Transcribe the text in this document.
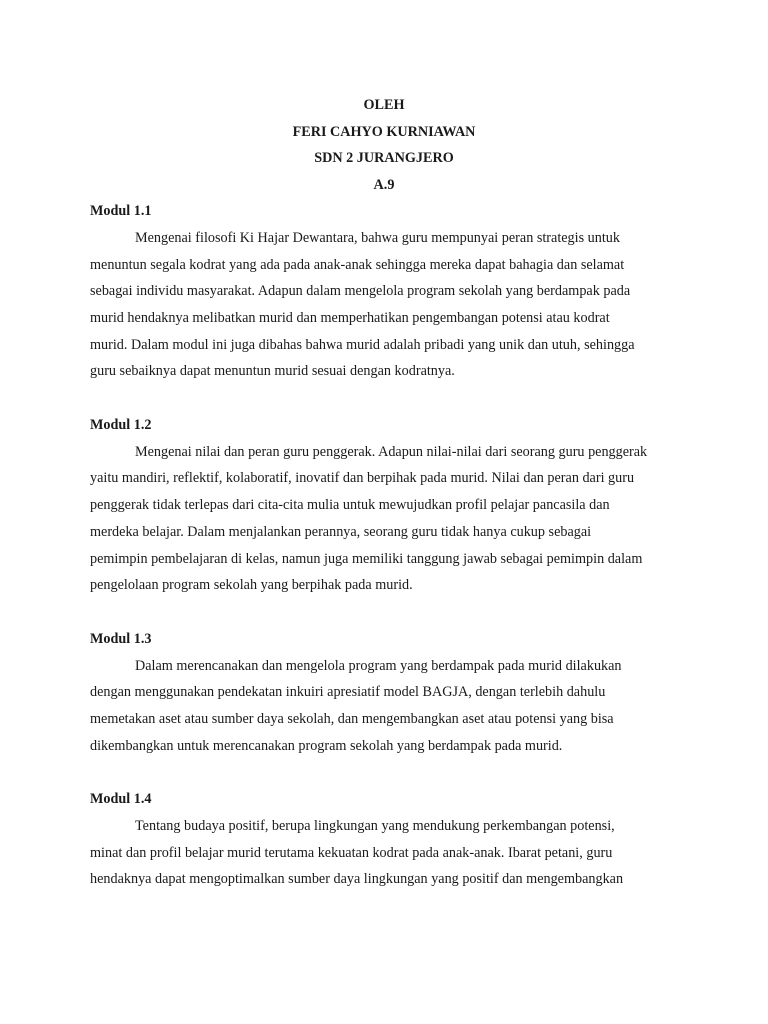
OLEH
FERI CAHYO KURNIAWAN
SDN 2 JURANGJERO
A.9

Modul 1.1

Mengenai filosofi Ki Hajar Dewantara, bahwa guru mempunyai peran strategis untuk
menuntun segala kodrat yang ada pada anak-anak sehingga mereka dapat bahagia dan selamat
sebagai individu masyarakat. Adapun dalam mengelola program sekolah yang berdampak pada
murid hendaknya melibatkan murid dan memperhatikan pengembangan potensi atau kodrat
murid. Dalam modul ini juga dibahas bahwa murid adalah pribadi yang unik dan utuh, sehingga
guru sebaiknya dapat menuntun murid sesuai dengan kodratnya.

Modul 1.2

Mengenai nilai dan peran guru penggerak. Adapun nilai-nilai dari seorang guru penggerak
yaitu mandiri, reflektif, kolaboratif, inovatif dan berpihak pada murid. Nilai dan peran dari guru
penggerak tidak terlepas dari cita-cita mulia untuk mewujudkan profil pelajar pancasila dan
merdeka belajar. Dalam menjalankan perannya, seorang guru tidak hanya cukup sebagai
pemimpin pembelajaran di kelas, namun juga memiliki tanggung jawab sebagai pemimpin dalam
pengelolaan program sekolah yang berpihak pada murid.

Modul 1.3

Dalam merencanakan dan mengelola program yang berdampak pada murid dilakukan
dengan menggunakan pendekatan inkuiri apresiatif model BAGJA, dengan terlebih dahulu
memetakan aset atau sumber daya sekolah, dan mengembangkan aset atau potensi yang bisa
dikembangkan untuk merencanakan program sekolah yang berdampak pada murid.

Modul 1.4

Tentang budaya positif, berupa lingkungan yang mendukung perkembangan potensi,
minat dan profil belajar murid terutama kekuatan kodrat pada anak-anak. Ibarat petani, guru
hendaknya dapat mengoptimalkan sumber daya lingkungan yang positif dan mengembangkan
